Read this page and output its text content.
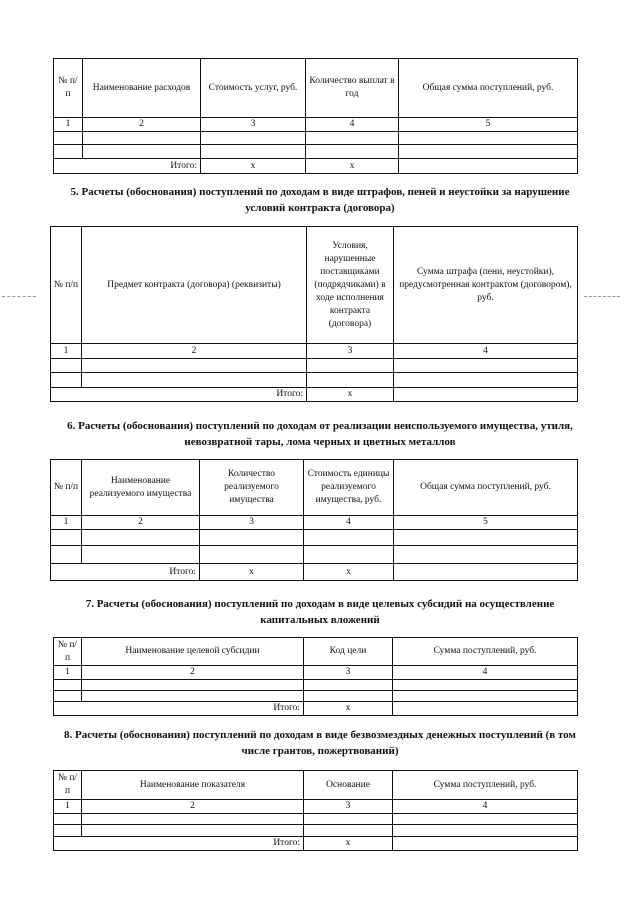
№ п/п	Наименование расходов	Стоимость услуг, руб.	Количество выплат в год	Общая сумма поступлений, руб.
1	2	3	4	5

Итого:		х	х	
5. Расчеты (обоснования) поступлений по доходам в виде штрафов, пеней и неустойки за нарушение условий контракта (договора)
№ п/п	Предмет контракта (договора) (реквизиты)	Условия, нарушенные поставщиками (подрядчиками) в ходе исполнения контракта (договора)	Сумма штрафа (пени, неустойки), предусмотренная контрактом (договором), руб.
1	2	3	4

Итого:		х	
6. Расчеты (обоснования) поступлений по доходам от реализации неиспользуемого имущества, утиля, невозвратной тары, лома черных и цветных металлов
№ п/п	Наименование реализуемого имущества	Количество реализуемого имущества	Стоимость единицы реализуемого имущества, руб.	Общая сумма поступлений, руб.
1	2	3	4	5

Итого:		х	х	
7. Расчеты (обоснования) поступлений по доходам в виде целевых субсидий на осуществление капитальных вложений
№ п/п	Наименование целевой субсидии	Код цели	Сумма поступлений, руб.
1	2	3	4

Итого:		х	
8. Расчеты (обоснования) поступлений по доходам в виде безвозмездных денежных поступлений (в том числе грантов, пожертвований)
№ п/п	Наименование показателя	Основание	Сумма поступлений, руб.
1	2	3	4

Итого:		х	
